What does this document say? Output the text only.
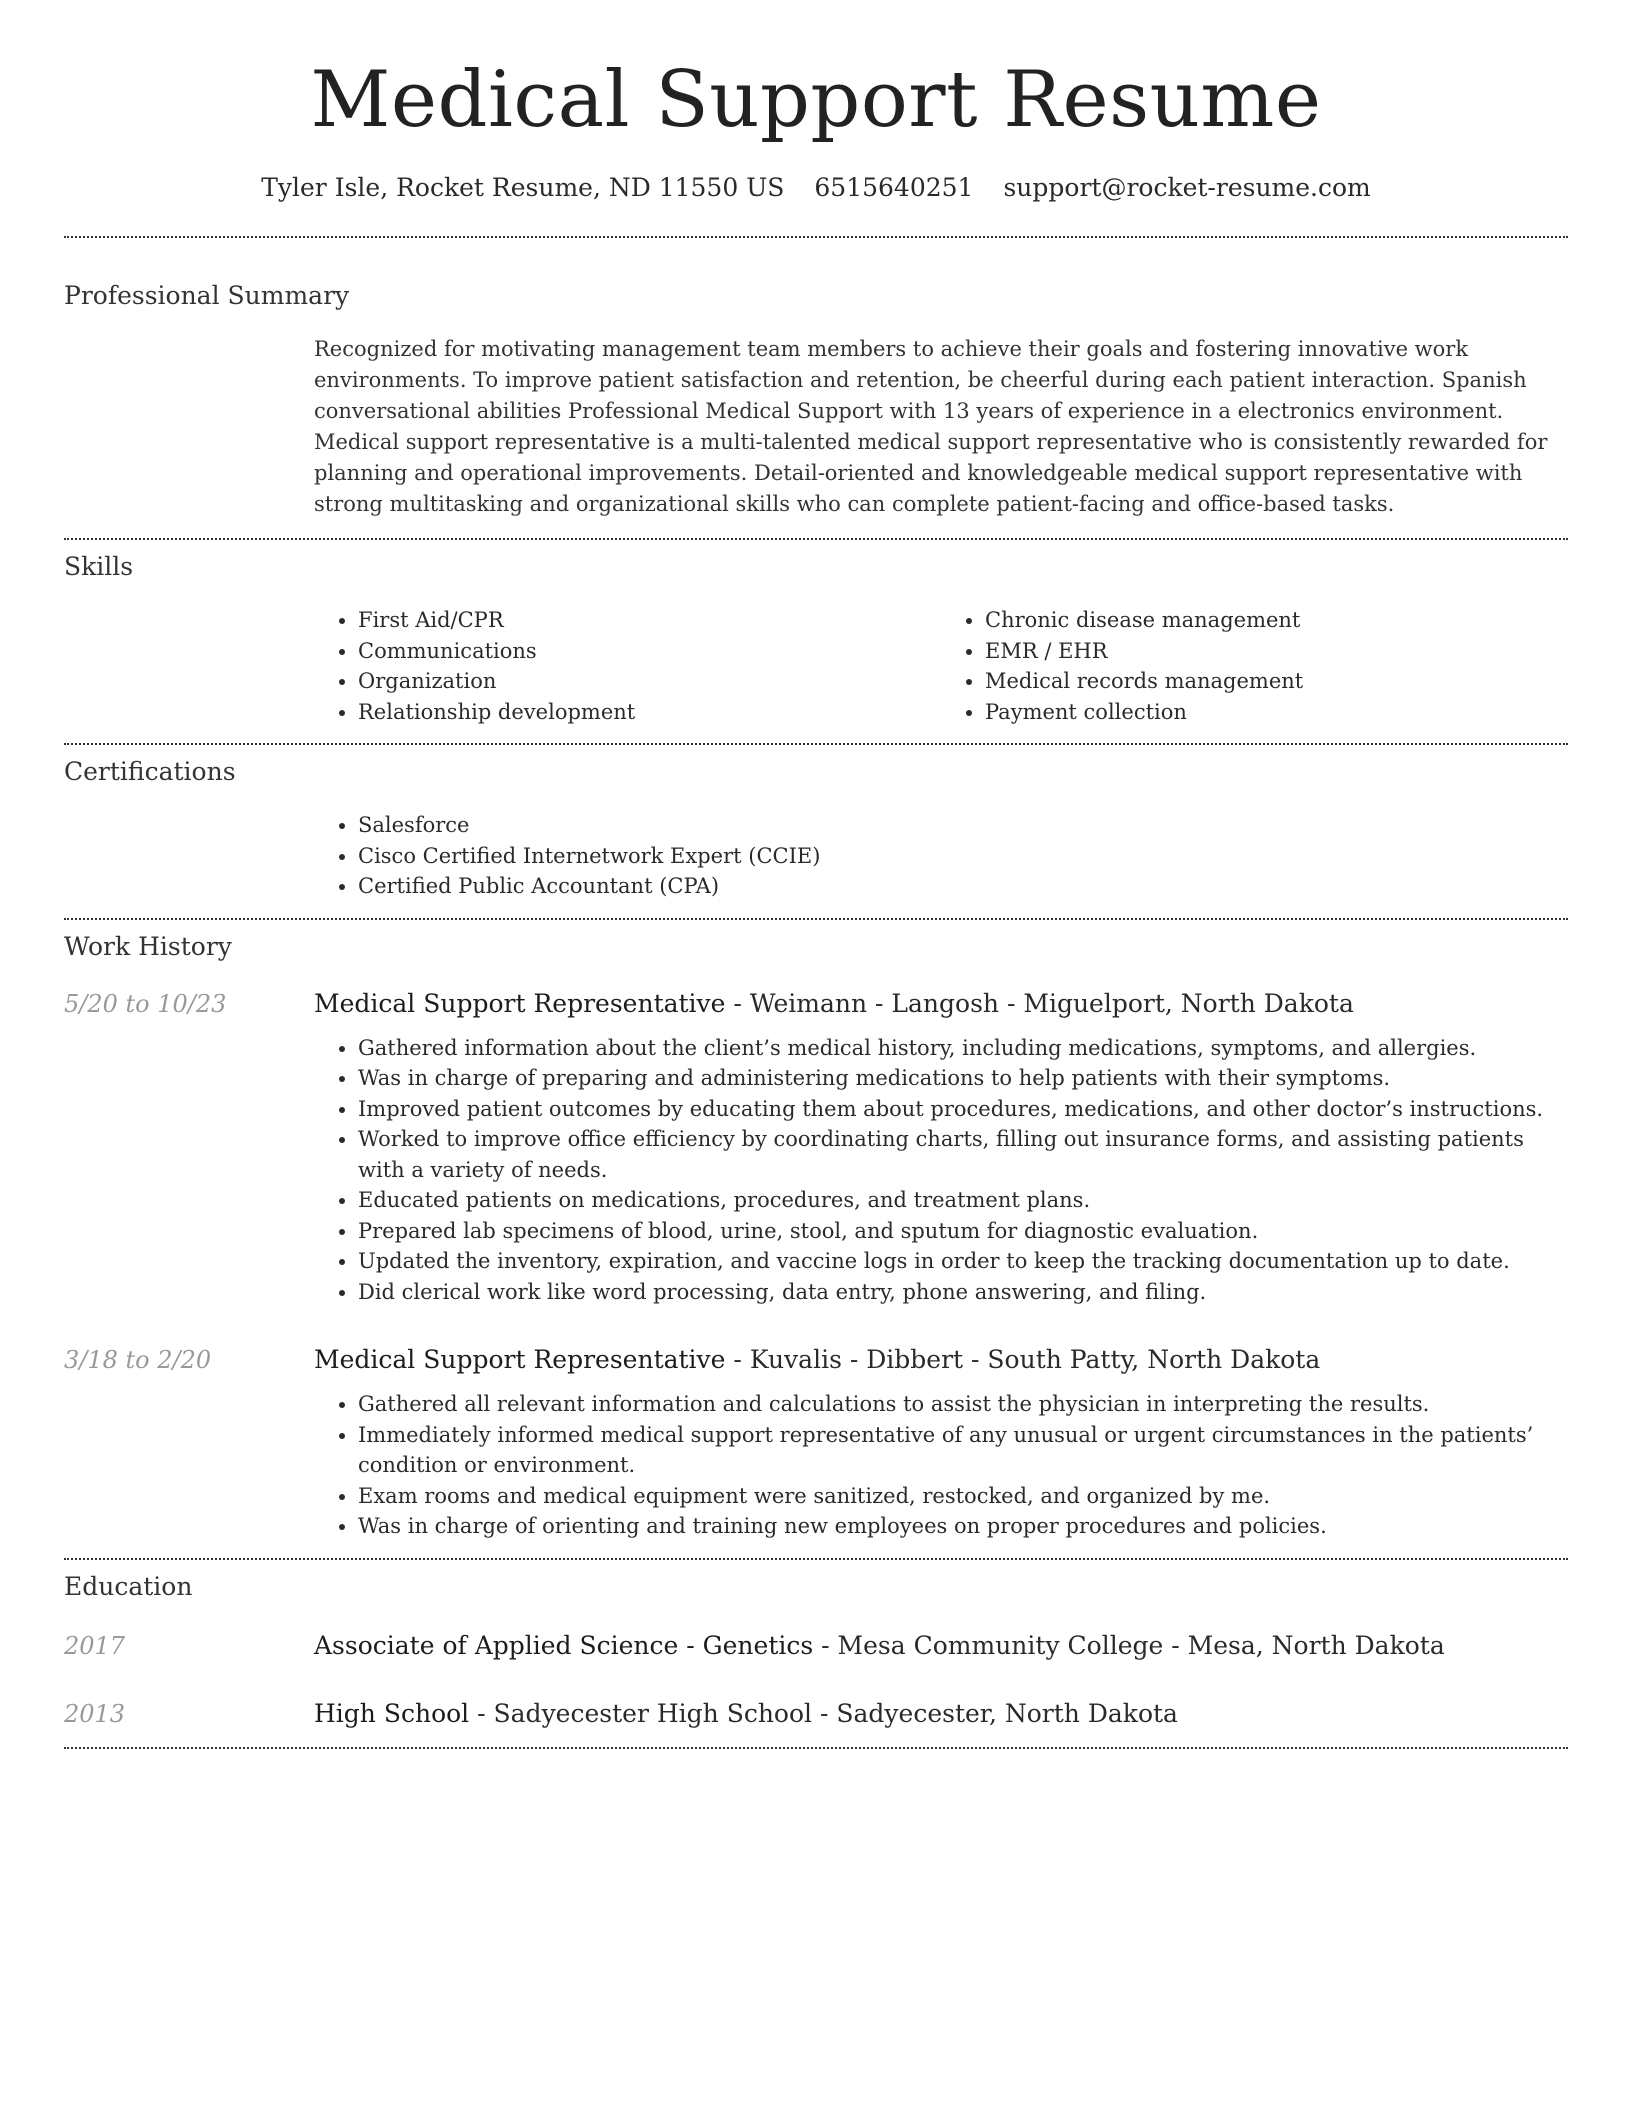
Medical Support Resume
Tyler Isle, Rocket Resume, ND 11550 US 6515640251 support@rocket-resume.com
Professional Summary

Recognized for motivating management team members to achieve their goals and fostering innovative work environments. To improve patient satisfaction and retention, be cheerful during each patient interaction. Spanish conversational abilities Professional Medical Support with 13 years of experience in a electronics environment. Medical support representative is a multi-talented medical support representative who is consistently rewarded for planning and operational improvements. Detail-oriented and knowledgeable medical support representative with strong multitasking and organizational skills who can complete patient-facing and office-based tasks.

Skills
• First Aid/CPR
• Communications
• Organization
• Relationship development
• Chronic disease management
• EMR / EHR
• Medical records management
• Payment collection
Certifications
• Salesforce
• Cisco Certified Internetwork Expert (CCIE)
• Certified Public Accountant (CPA)
Work History
5/20 to 10/23	Medical Support Representative - Weimann - Langosh - Miguelport, North Dakota
• Gathered information about the client’s medical history, including medications, symptoms, and allergies.
• Was in charge of preparing and administering medications to help patients with their symptoms.
• Improved patient outcomes by educating them about procedures, medications, and other doctor’s instructions.
• Worked to improve office efficiency by coordinating charts, filling out insurance forms, and assisting patients with a variety of needs.
• Educated patients on medications, procedures, and treatment plans.
• Prepared lab specimens of blood, urine, stool, and sputum for diagnostic evaluation.
• Updated the inventory, expiration, and vaccine logs in order to keep the tracking documentation up to date.
• Did clerical work like word processing, data entry, phone answering, and filing.
3/18 to 2/20	Medical Support Representative - Kuvalis - Dibbert - South Patty, North Dakota
• Gathered all relevant information and calculations to assist the physician in interpreting the results.
• Immediately informed medical support representative of any unusual or urgent circumstances in the patients’ condition or environment.
• Exam rooms and medical equipment were sanitized, restocked, and organized by me.
• Was in charge of orienting and training new employees on proper procedures and policies.
Education
2017	Associate of Applied Science - Genetics - Mesa Community College - Mesa, North Dakota
2013	High School - Sadyecester High School - Sadyecester, North Dakota
